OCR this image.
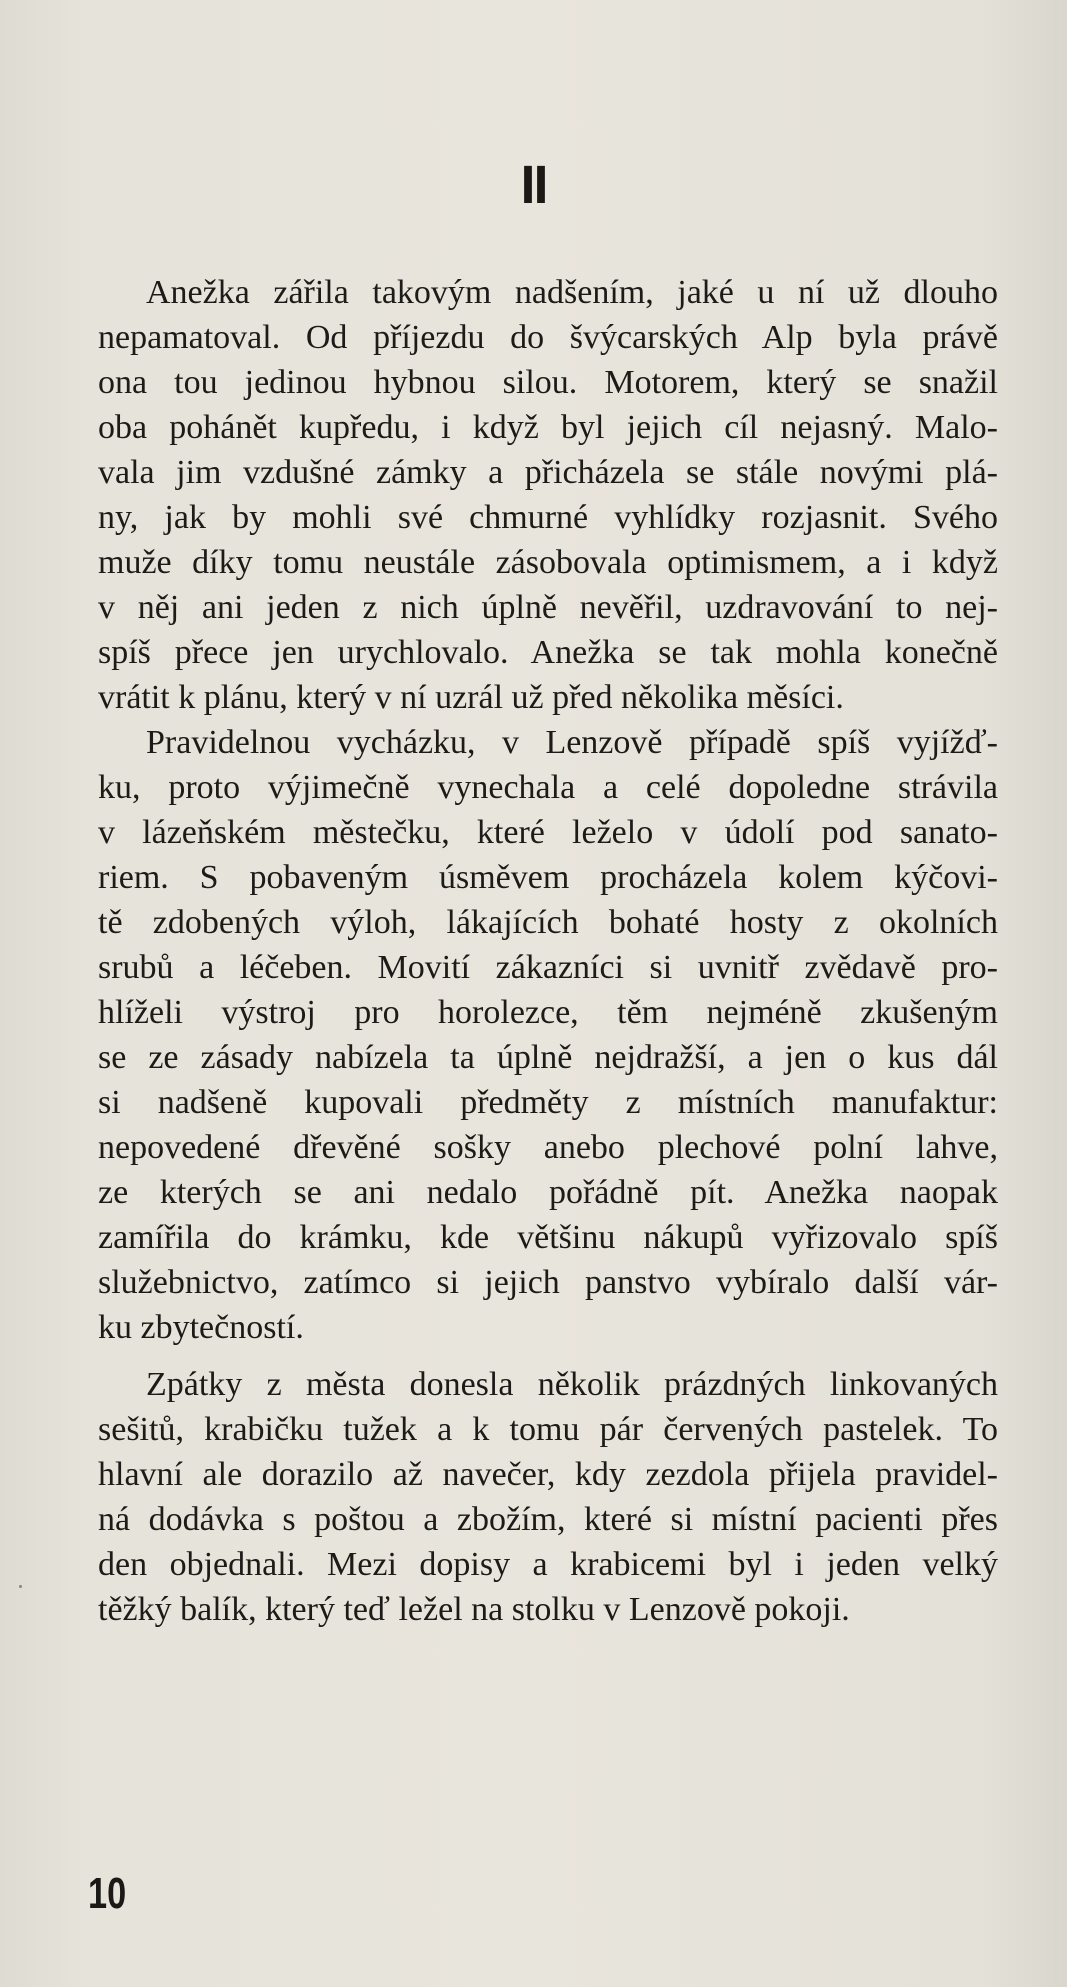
II
Anežka zářila takovým nadšením, jaké u ní už dlouho
nepamatoval. Od příjezdu do švýcarských Alp byla právě
ona tou jedinou hybnou silou. Motorem, který se snažil
oba pohánět kupředu, i když byl jejich cíl nejasný. Malo-
vala jim vzdušné zámky a přicházela se stále novými plá-
ny, jak by mohli své chmurné vyhlídky rozjasnit. Svého
muže díky tomu neustále zásobovala optimismem, a i když
v něj ani jeden z nich úplně nevěřil, uzdravování to nej-
spíš přece jen urychlovalo. Anežka se tak mohla konečně
vrátit k plánu, který v ní uzrál už před několika měsíci.
Pravidelnou vycházku, v Lenzově případě spíš vyjížď-
ku, proto výjimečně vynechala a celé dopoledne strávila
v lázeňském městečku, které leželo v údolí pod sanato-
riem. S pobaveným úsměvem procházela kolem kýčovi-
tě zdobených výloh, lákajících bohaté hosty z okolních
srubů a léčeben. Movití zákazníci si uvnitř zvědavě pro-
hlíželi výstroj pro horolezce, těm nejméně zkušeným
se ze zásady nabízela ta úplně nejdražší, a jen o kus dál
si nadšeně kupovali předměty z místních manufaktur:
nepovedené dřevěné sošky anebo plechové polní lahve,
ze kterých se ani nedalo pořádně pít. Anežka naopak
zamířila do krámku, kde většinu nákupů vyřizovalo spíš
služebnictvo, zatímco si jejich panstvo vybíralo další vár-
ku zbytečností.
Zpátky z města donesla několik prázdných linkovaných
sešitů, krabičku tužek a k tomu pár červených pastelek. To
hlavní ale dorazilo až navečer, kdy zezdola přijela pravidel-
ná dodávka s poštou a zbožím, které si místní pacienti přes
den objednali. Mezi dopisy a krabicemi byl i jeden velký
těžký balík, který teď ležel na stolku v Lenzově pokoji.
10
